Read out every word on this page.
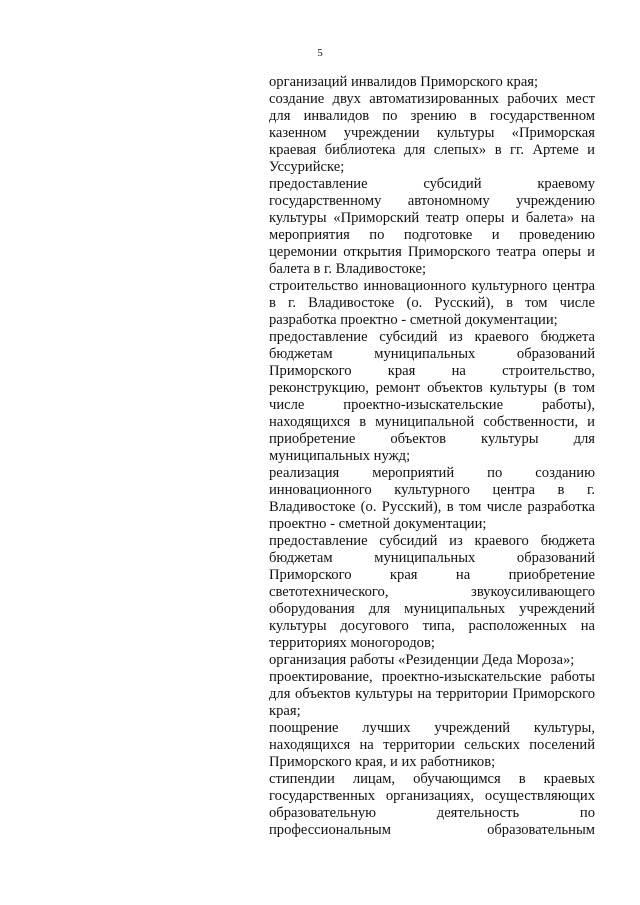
5

организаций инвалидов Приморского края;

создание двух автоматизированных рабочих мест для инвалидов по зрению в государственном казенном учреждении культуры «Приморская краевая библиотека для слепых» в гг. Артеме и Уссурийске;

предоставление субсидий краевому государственному автономному учреждению культуры «Приморский театр оперы и балета» на мероприятия по подготовке и проведению церемонии открытия Приморского театра оперы и балета в г. Владивостоке;

строительство инновационного культурного центра в г. Владивостоке (о. Русский), в том числе разработка проектно - сметной документации;

предоставление субсидий из краевого бюджета бюджетам муниципальных образований Приморского края на строительство, реконструкцию, ремонт объектов культуры (в том числе проектно-изыскательские работы), находящихся в муниципальной собственности, и приобретение объектов культуры для муниципальных нужд;

реализация мероприятий по созданию инновационного культурного центра в г. Владивостоке (о. Русский), в том числе разработка проектно - сметной документации;

предоставление субсидий из краевого бюджета бюджетам муниципальных образований Приморского края на приобретение светотехнического, звукоусиливающего оборудования для муниципальных учреждений культуры досугового типа, расположенных на территориях моногородов;

организация работы «Резиденции Деда Мороза»;

проектирование, проектно-изыскательские работы для объектов культуры на территории Приморского края;

поощрение лучших учреждений культуры, находящихся на территории сельских поселений Приморского края, и их работников;

стипендии лицам, обучающимся в краевых государственных организациях, осуществляющих образовательную деятельность по профессиональным образовательным
